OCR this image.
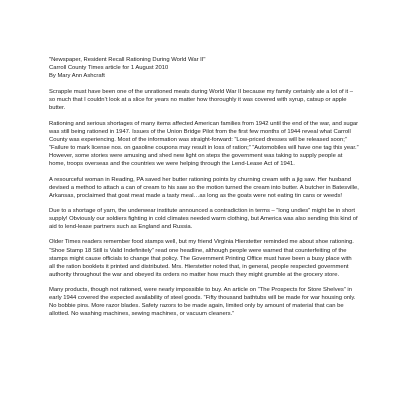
"Newspaper, Resident Recall Rationing During World War II"

Carroll County Times article for 1 August 2010

By Mary Ann Ashcraft

Scrapple must have been one of the unrationed meats during World War II because my family certainly ate a lot of it – so much that I couldn’t look at a slice for years no matter how thoroughly it was covered with syrup, catsup or apple butter.

Rationing and serious shortages of many items affected American families from 1942 until the end of the war, and sugar was still being rationed in 1947. Issues of the Union Bridge Pilot from the first few months of 1944 reveal what Carroll County was experiencing. Most of the information was straight-forward: “Low-priced dresses will be released soon;” “Failure to mark license nos. on gasoline coupons may result in loss of ration;” “Automobiles will have one tag this year.” However, some stories were amusing and shed new light on steps the government was taking to supply people at home, troops overseas and the countries we were helping through the Lend-Lease Act of 1941.

A resourceful woman in Reading, PA saved her butter rationing points by churning cream with a jig saw. Her husband devised a method to attach a can of cream to his saw so the motion turned the cream into butter. A butcher in Batesville, Arkansas, proclaimed that goat meat made a tasty meal…as long as the goats were not eating tin cans or weeds!

Due to a shortage of yarn, the underwear institute announced a contradiction in terms – “long undies” might be in short supply! Obviously our soldiers fighting in cold climates needed warm clothing, but America was also sending this kind of aid to lend-lease partners such as England and Russia.

Older Times readers remember food stamps well, but my friend Virginia Hierstetter reminded me about shoe rationing. “Shoe Stamp 18 Still is Valid Indefinitely” read one headline, although people were warned that counterfeiting of the stamps might cause officials to change that policy. The Government Printing Office must have been a busy place with all the ration booklets it printed and distributed. Mrs. Hierstetter noted that, in general, people respected government authority throughout the war and obeyed its orders no matter how much they might grumble at the grocery store.

Many products, though not rationed, were nearly impossible to buy. An article on “The Prospects for Store Shelves” in early 1944 covered the expected availability of steel goods. “Fifty thousand bathtubs will be made for war housing only. No bobbie pins. More razor blades. Safety razors to be made again, limited only by amount of material that can be allotted. No washing machines, sewing machines, or vacuum cleaners.”
